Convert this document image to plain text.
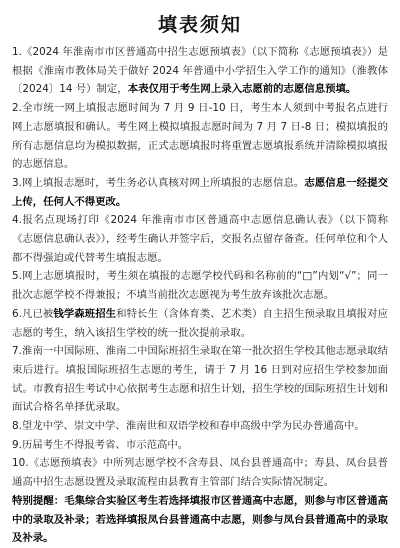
填表须知

1.《2024 年淮南市市区普通高中招生志愿预填表》（以下简称《志愿预填表》）是根据《淮南市教体局关于做好 2024 年普通中小学招生入学工作的通知》（淮教体〔2024〕14 号）制定，本表仅用于考生网上录入志愿前的志愿信息预填。

2.全市统一网上填报志愿时间为 7 月 9 日-10 日，考生本人须到中考报名点进行网上志愿填报和确认。考生网上模拟填报志愿时间为 7 月 7 日-8 日；模拟填报的所有志愿信息均为模拟数据，正式志愿填报时将重置志愿填报系统并清除模拟填报的志愿信息。

3.网上填报志愿时，考生务必认真核对网上所填报的志愿信息。志愿信息一经提交上传，任何人不得更改。

4.报名点现场打印《2024 年淮南市市区普通高中志愿信息确认表》（以下简称《志愿信息确认表》），经考生确认并签字后，交报名点留存备查。任何单位和个人都不得强迫或代替考生填报志愿。

5.网上志愿填报时，考生须在填报的志愿学校代码和名称前的“□”内划“√”；同一批次志愿学校不得兼报；不填当前批次志愿视为考生放弃该批次志愿。

6.凡已被钱学森班招生和特长生（含体育类、艺术类）自主招生预录取且填报对应志愿的考生，纳入该招生学校的统一批次提前录取。

7.淮南一中国际班、淮南二中国际班招生录取在第一批次招生学校其他志愿录取结束后进行。填报国际班招生志愿的考生，请于 7 月 16 日到对应招生学校参加面试。市教育招生考试中心依据考生志愿和招生计划，招生学校的国际班招生计划和面试合格名单择优录取。

8.望龙中学、崇文中学、淮南世和双语学校和春申高级中学为民办普通高中。

9.历届考生不得报考省、市示范高中。

10.《志愿预填表》中所列志愿学校不含寿县、凤台县普通高中；寿县、凤台县普通高中招生志愿设置及录取流程由县教育主管部门结合实际情况制定。

特别提醒：毛集综合实验区考生若选择填报市区普通高中志愿，则参与市区普通高中的录取及补录；若选择填报凤台县普通高中志愿，则参与凤台县普通高中的录取及补录。
